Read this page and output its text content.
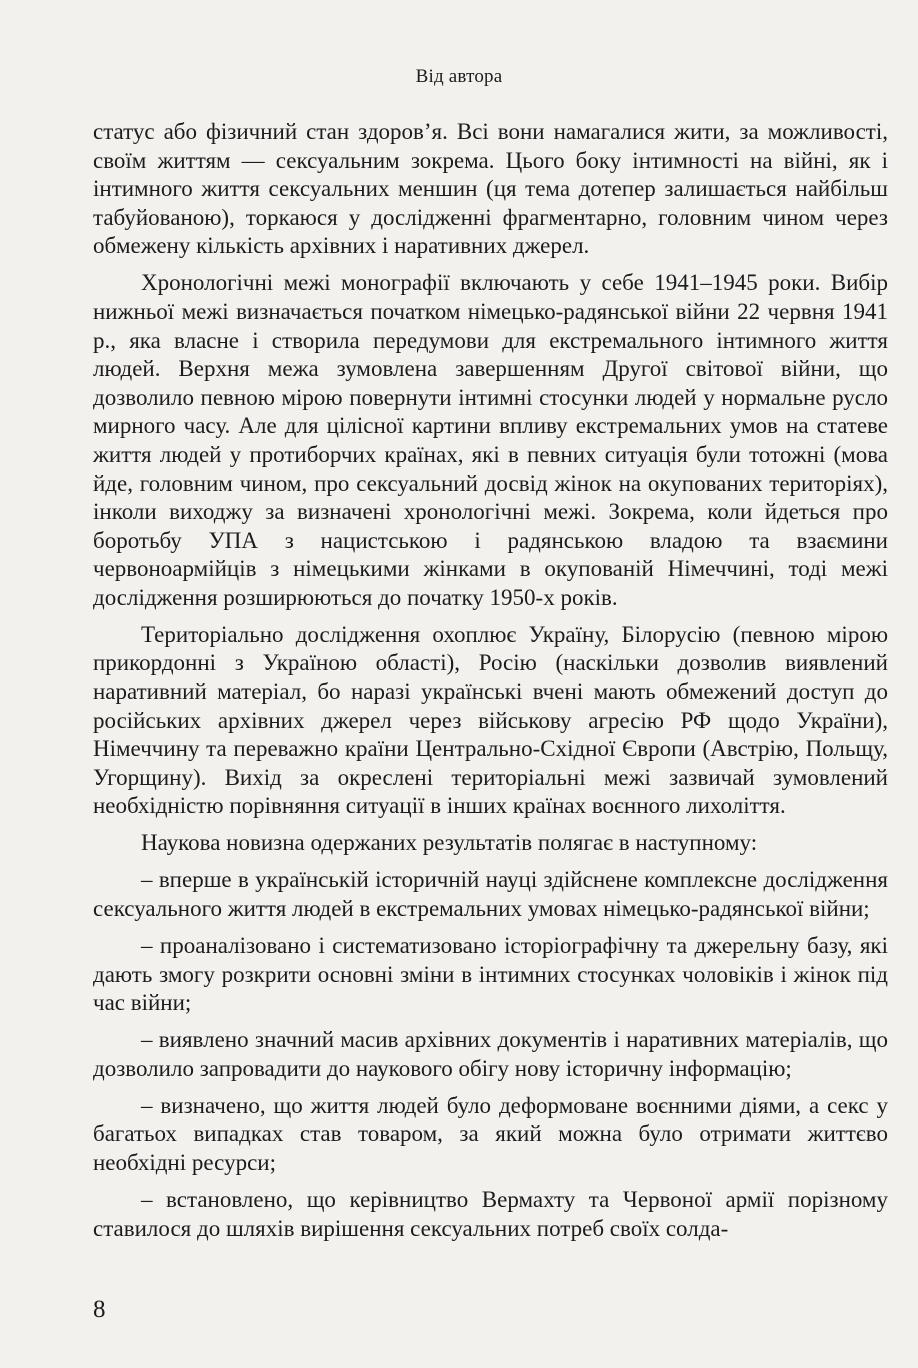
Від автора

статус або фізичний стан здоров’я. Всі вони намагалися жити, за можливості, своїм життям — сексуальним зокрема. Цього боку інтимності на війні, як і інтимного життя сексуальних меншин (ця тема дотепер залишається найбільш табуйованою), торкаюся у дослідженні фрагментарно, головним чином через обмежену кількість архівних і наративних джерел.

Хронологічні межі монографії включають у себе 1941–1945 роки. Вибір нижньої межі визначається початком німецько-радянської війни 22 червня 1941 р., яка власне і створила передумови для екстремального інтимного життя людей. Верхня межа зумовлена завершенням Другої світової війни, що дозволило певною мірою повернути інтимні стосунки людей у нормальне русло мирного часу. Але для цілісної картини впливу екстремальних умов на статеве життя людей у протиборчих країнах, які в певних ситуація були тотожні (мова йде, головним чином, про сексуальний досвід жінок на окупованих територіях), інколи виходжу за визначені хронологічні межі. Зокрема, коли йдеться про боротьбу УПА з нацистською і радянською владою та взаємини червоноармійців з німецькими жінками в окупованій Німеччині, тоді межі дослідження розширюються до початку 1950-х років.

Територіально дослідження охоплює Україну, Білорусію (певною мірою прикордонні з Україною області), Росію (наскільки дозволив виявлений наративний матеріал, бо наразі українські вчені мають обмежений доступ до російських архівних джерел через військову агресію РФ щодо України), Німеччину та переважно країни Центрально-Східної Європи (Австрію, Польщу, Угорщину). Вихід за окреслені територіальні межі зазвичай зумовлений необхідністю порівняння ситуації в інших країнах воєнного лихоліття.

Наукова новизна одержаних результатів полягає в наступному:

– вперше в українській історичній науці здійснене комплексне дослідження сексуального життя людей в екстремальних умовах німецько-радянської війни;

– проаналізовано і систематизовано історіографічну та джерельну базу, які дають змогу розкрити основні зміни в інтимних стосунках чоловіків і жінок під час війни;

– виявлено значний масив архівних документів і наративних матеріалів, що дозволило запровадити до наукового обігу нову історичну інформацію;

– визначено, що життя людей було деформоване воєнними діями, а секс у багатьох випадках став товаром, за який можна було отримати життєво необхідні ресурси;

– встановлено, що керівництво Вермахту та Червоної армії порізному ставилося до шляхів вирішення сексуальних потреб своїх солда-

8
